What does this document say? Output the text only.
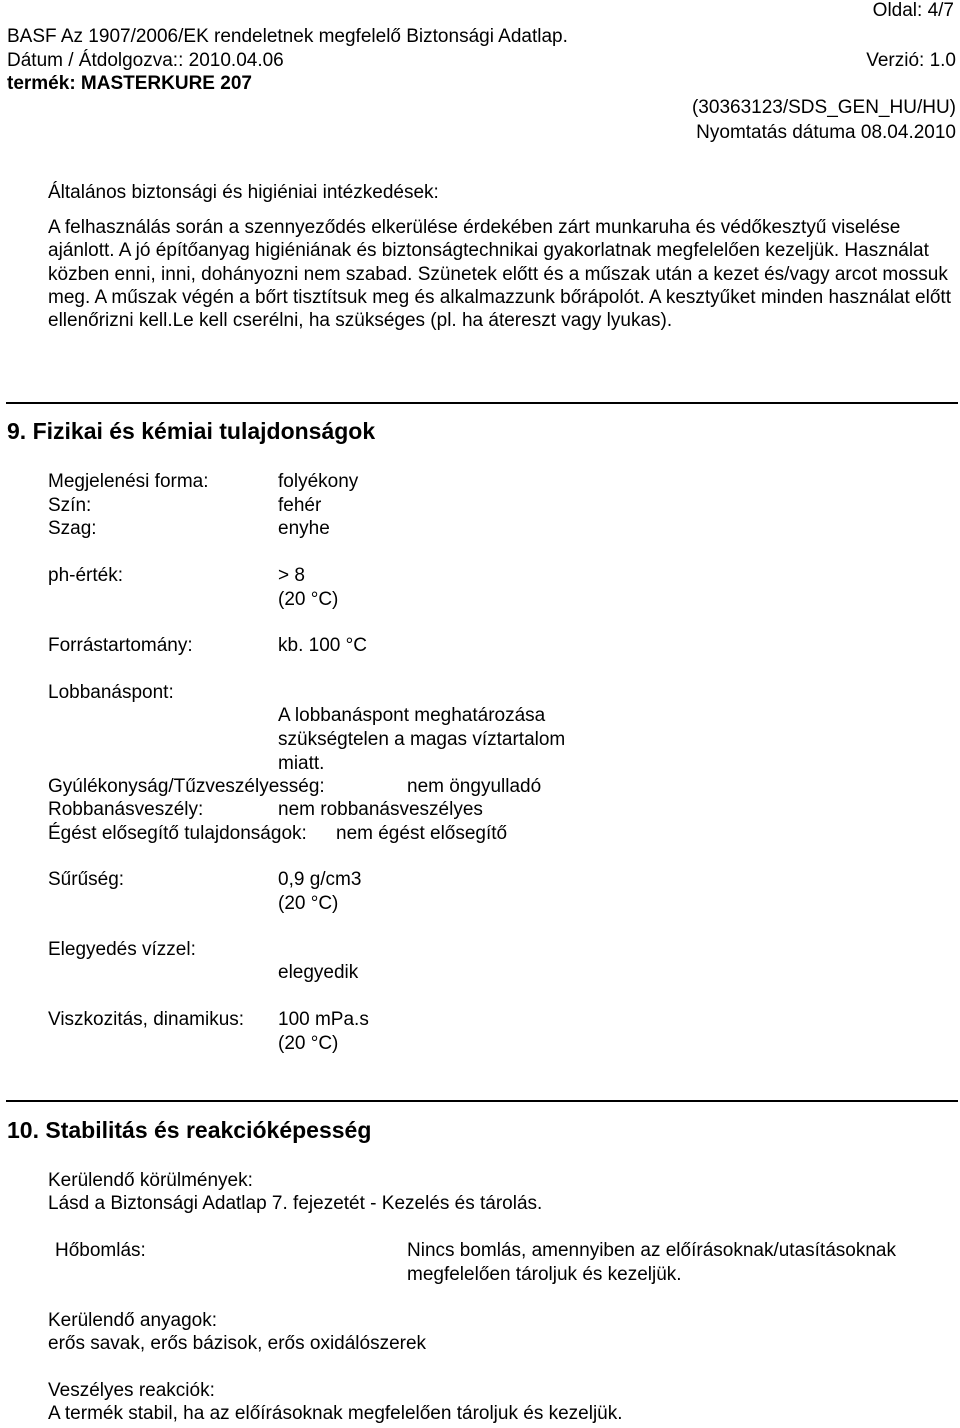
Oldal: 4/7
BASF Az 1907/2006/EK rendeletnek megfelelő Biztonsági Adatlap.
Dátum / Átdolgozva:: 2010.04.06	Verzió: 1.0
termék: MASTERKURE 207
(30363123/SDS_GEN_HU/HU)
Nyomtatás dátuma 08.04.2010
Általános biztonsági és higiéniai intézkedések:
A felhasználás során a szennyeződés elkerülése érdekében zárt munkaruha és védőkesztyű viselése ajánlott. A jó építőanyag higiéniának és biztonságtechnikai gyakorlatnak megfelelően kezeljük. Használat közben enni, inni, dohányozni nem szabad. Szünetek előtt és a műszak után a kezet és/vagy arcot mossuk meg. A műszak végén a bőrt tisztítsuk meg és alkalmazzunk bőrápolót. A kesztyűket minden használat előtt ellenőrizni kell.Le kell cserélni, ha szükséges (pl. ha átereszt vagy lyukas).
9. Fizikai és kémiai tulajdonságok
Megjelenési forma:	folyékony
Szín:	fehér
Szag:	enyhe
ph-érték:	> 8
(20 °C)
Forrástartomány:	kb. 100 °C
Lobbanáspont:
A lobbanáspont meghatározása
szükségtelen a magas víztartalom
miatt.
Gyúlékonyság/Tűzveszélyesség:	nem öngyulladó
Robbanásveszély:	nem robbanásveszélyes
Égést elősegítő tulajdonságok: nem égést elősegítő
Sűrűség:	0,9 g/cm3
(20 °C)
Elegyedés vízzel:
elegyedik
Viszkozitás, dinamikus: 100 mPa.s
(20 °C)
10. Stabilitás és reakcióképesség
Kerülendő körülmények:
Lásd a Biztonsági Adatlap 7. fejezetét - Kezelés és tárolás.
Hőbomlás:	Nincs bomlás, amennyiben az előírásoknak/utasításoknak
megfelelően tároljuk és kezeljük.
Kerülendő anyagok:
erős savak, erős bázisok, erős oxidálószerek
Veszélyes reakciók:
A termék stabil, ha az előírásoknak megfelelően tároljuk és kezeljük.
